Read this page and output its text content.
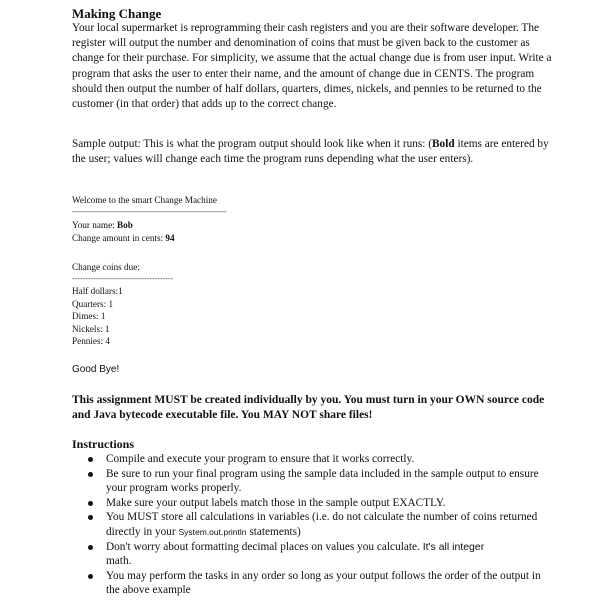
Making Change
Your local supermarket is reprogramming their cash registers and you are their software developer. The register will output the number and denomination of coins that must be given back to the customer as change for their purchase. For simplicity, we assume that the actual change due is from user input. Write a program that asks the user to enter their name, and the amount of change due in CENTS. The program should then output the number of half dollars, quarters, dimes, nickels, and pennies to be returned to the customer (in that order) that adds up to the correct change.
Sample output: This is what the program output should look like when it runs: (Bold items are entered by the user; values will change each time the program runs depending what the user enters).
Welcome to the smart Change Machine
----------------------------------------------------------
Your name: Bob
Change amount in cents: 94
Change coins due:
--------------------------------------
Half dollars:1
Quarters: 1
Dimes: 1
Nickels: 1
Pennies: 4
Good Bye!
This assignment MUST be created individually by you. You must turn in your OWN source code and Java bytecode executable file. You MAY NOT share files!
Instructions
Compile and execute your program to ensure that it works correctly.
Be sure to run your final program using the sample data included in the sample output to ensure your program works properly.
Make sure your output labels match those in the sample output EXACTLY.
You MUST store all calculations in variables (i.e. do not calculate the number of coins returned directly in your System.out.println statements)
Don't worry about formatting decimal places on values you calculate. It's all integer
math.
You may perform the tasks in any order so long as your output follows the order of the output in the above example
